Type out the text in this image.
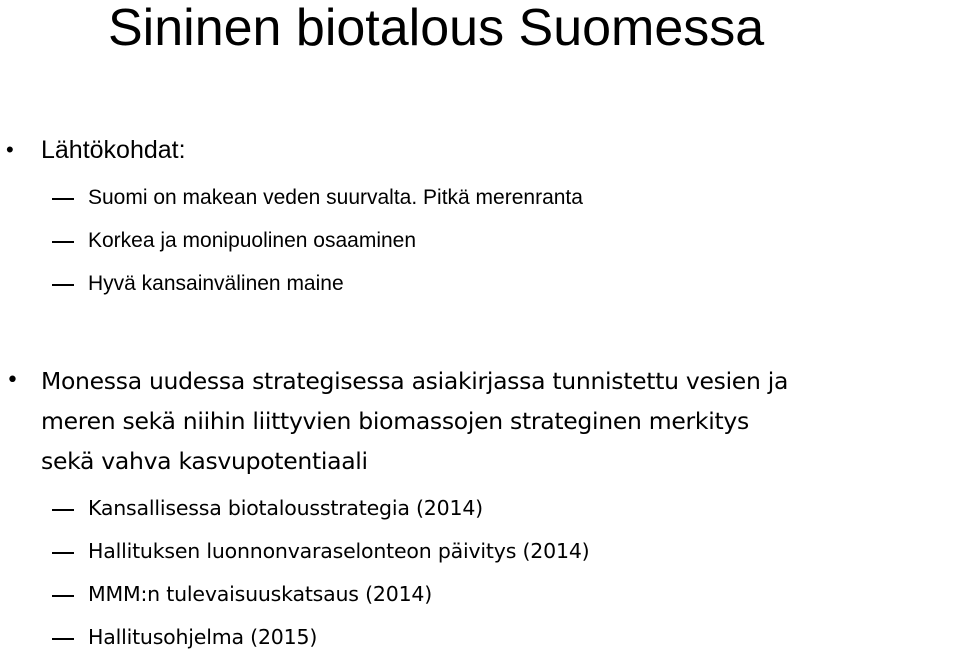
Sininen biotalous Suomessa
• Lähtökohdat:
Suomi on makean veden suurvalta. Pitkä merenranta
Korkea ja monipuolinen osaaminen
Hyvä kansainvälinen maine
• Monessa uudessa strategisessa asiakirjassa tunnistettu vesien ja
meren sekä niihin liittyvien biomassojen strateginen merkitys
sekä vahva kasvupotentiaali
Kansallisessa biotalousstrategia (2014)
Hallituksen luonnonvaraselonteon päivitys (2014)
MMM:n tulevaisuuskatsaus (2014)
Hallitusohjelma (2015)
